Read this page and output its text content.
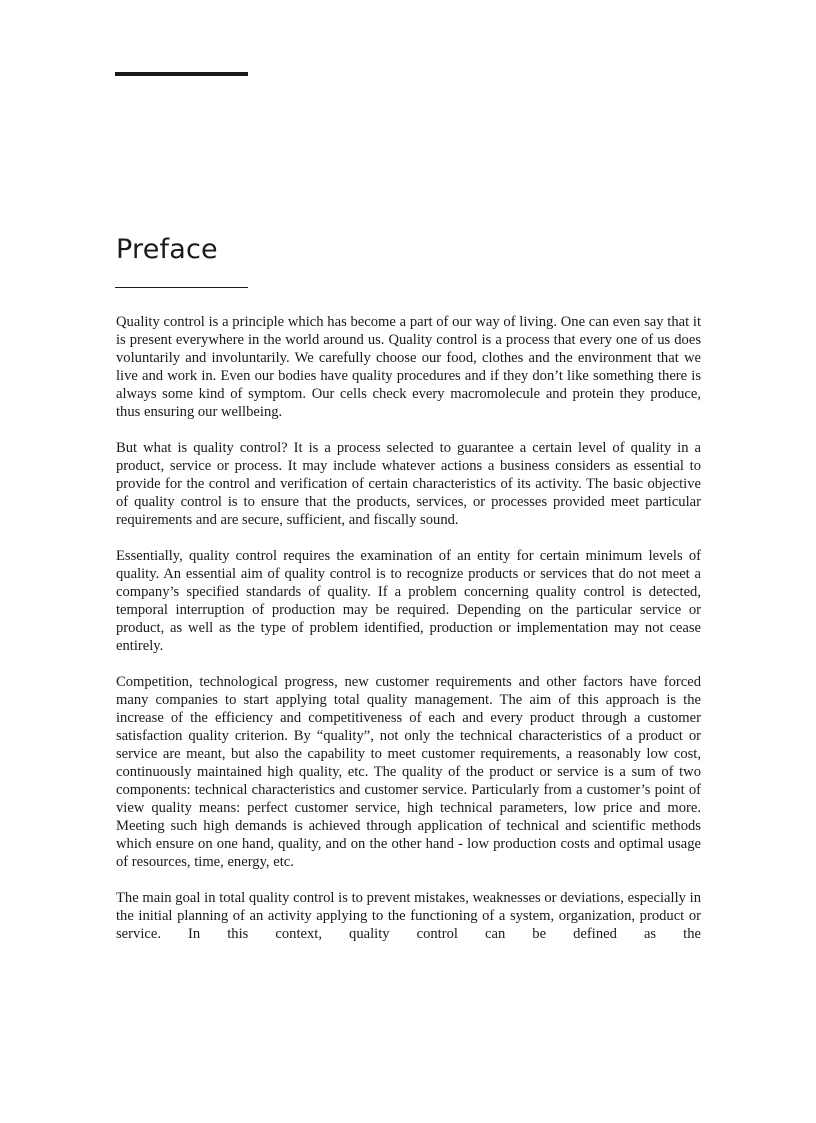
Preface

Quality control is a principle which has become a part of our way of living. One can even say that it is present everywhere in the world around us. Quality control is a process that every one of us does voluntarily and involuntarily. We carefully choose our food, clothes and the environment that we live and work in. Even our bodies have quality procedures and if they don’t like something there is always some kind of symptom. Our cells check every macromolecule and protein they produce, thus ensuring our wellbeing.

But what is quality control? It is a process selected to guarantee a certain level of quality in a product, service or process. It may include whatever actions a business considers as essential to provide for the control and verification of certain characteristics of its activity. The basic objective of quality control is to ensure that the products, services, or processes provided meet particular requirements and are secure, sufficient, and fiscally sound.

Essentially, quality control requires the examination of an entity for certain minimum levels of quality. An essential aim of quality control is to recognize products or services that do not meet a company’s specified standards of quality. If a problem concerning quality control is detected, temporal interruption of production may be required. Depending on the particular service or product, as well as the type of problem identified, production or implementation may not cease entirely.

Competition, technological progress, new customer requirements and other factors have forced many companies to start applying total quality management. The aim of this approach is the increase of the efficiency and competitiveness of each and every product through a customer satisfaction quality criterion. By “quality”, not only the technical characteristics of a product or service are meant, but also the capability to meet customer requirements, a reasonably low cost, continuously maintained high quality, etc. The quality of the product or service is a sum of two components: technical characteristics and customer service. Particularly from a customer’s point of view quality means: perfect customer service, high technical parameters, low price and more. Meeting such high demands is achieved through application of technical and scientific methods which ensure on one hand, quality, and on the other hand - low production costs and optimal usage of resources, time, energy, etc.

The main goal in total quality control is to prevent mistakes, weaknesses or deviations, especially in the initial planning of an activity applying to the functioning of a system, organization, product or service. In this context, quality control can be defined as the
